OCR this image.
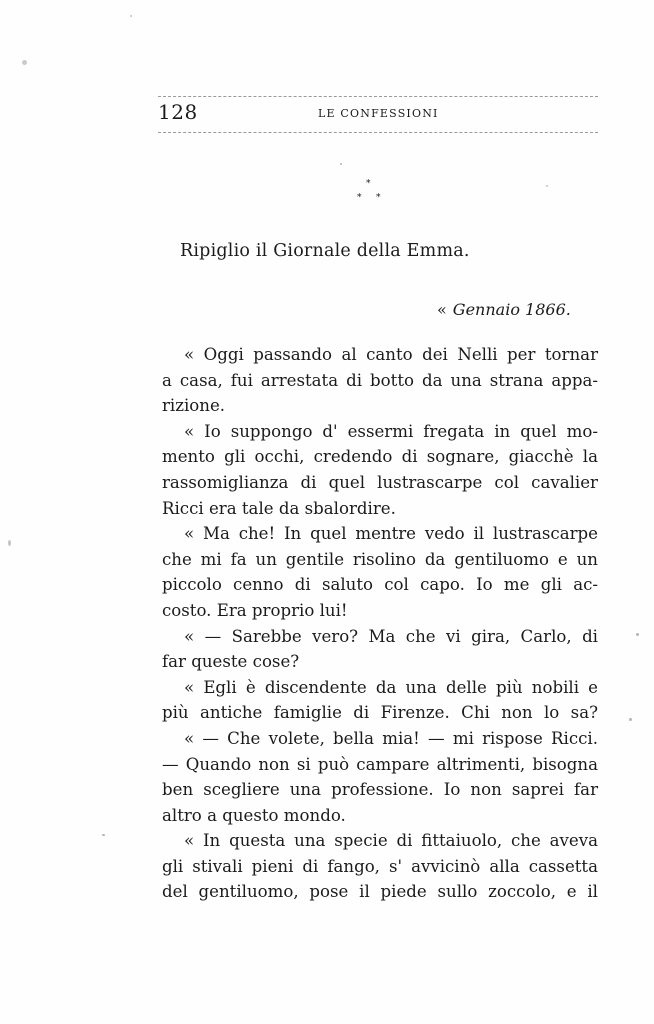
128	LE CONFESSIONI
*
* *
Ripiglio il Giornale della Emma.
« Gennaio 1866.
« Oggi passando al canto dei Nelli per tornar
a casa, fui arrestata di botto da una strana appa-
rizione.
« Io suppongo d' essermi fregata in quel mo-
mento gli occhi, credendo di sognare, giacchè la
rassomiglianza di quel lustrascarpe col cavalier
Ricci era tale da sbalordire.
« Ma che! In quel mentre vedo il lustrascarpe
che mi fa un gentile risolino da gentiluomo e un
piccolo cenno di saluto col capo. Io me gli ac-
costo. Era proprio lui!
« — Sarebbe vero? Ma che vi gira, Carlo, di
far queste cose?
« Egli è discendente da una delle più nobili e
più antiche famiglie di Firenze. Chi non lo sa?
« — Che volete, bella mia! — mi rispose Ricci.
— Quando non si può campare altrimenti, bisogna
ben scegliere una professione. Io non saprei far
altro a questo mondo.
« In questa una specie di fittaiuolo, che aveva
gli stivali pieni di fango, s' avvicinò alla cassetta
del gentiluomo, pose il piede sullo zoccolo, e il
